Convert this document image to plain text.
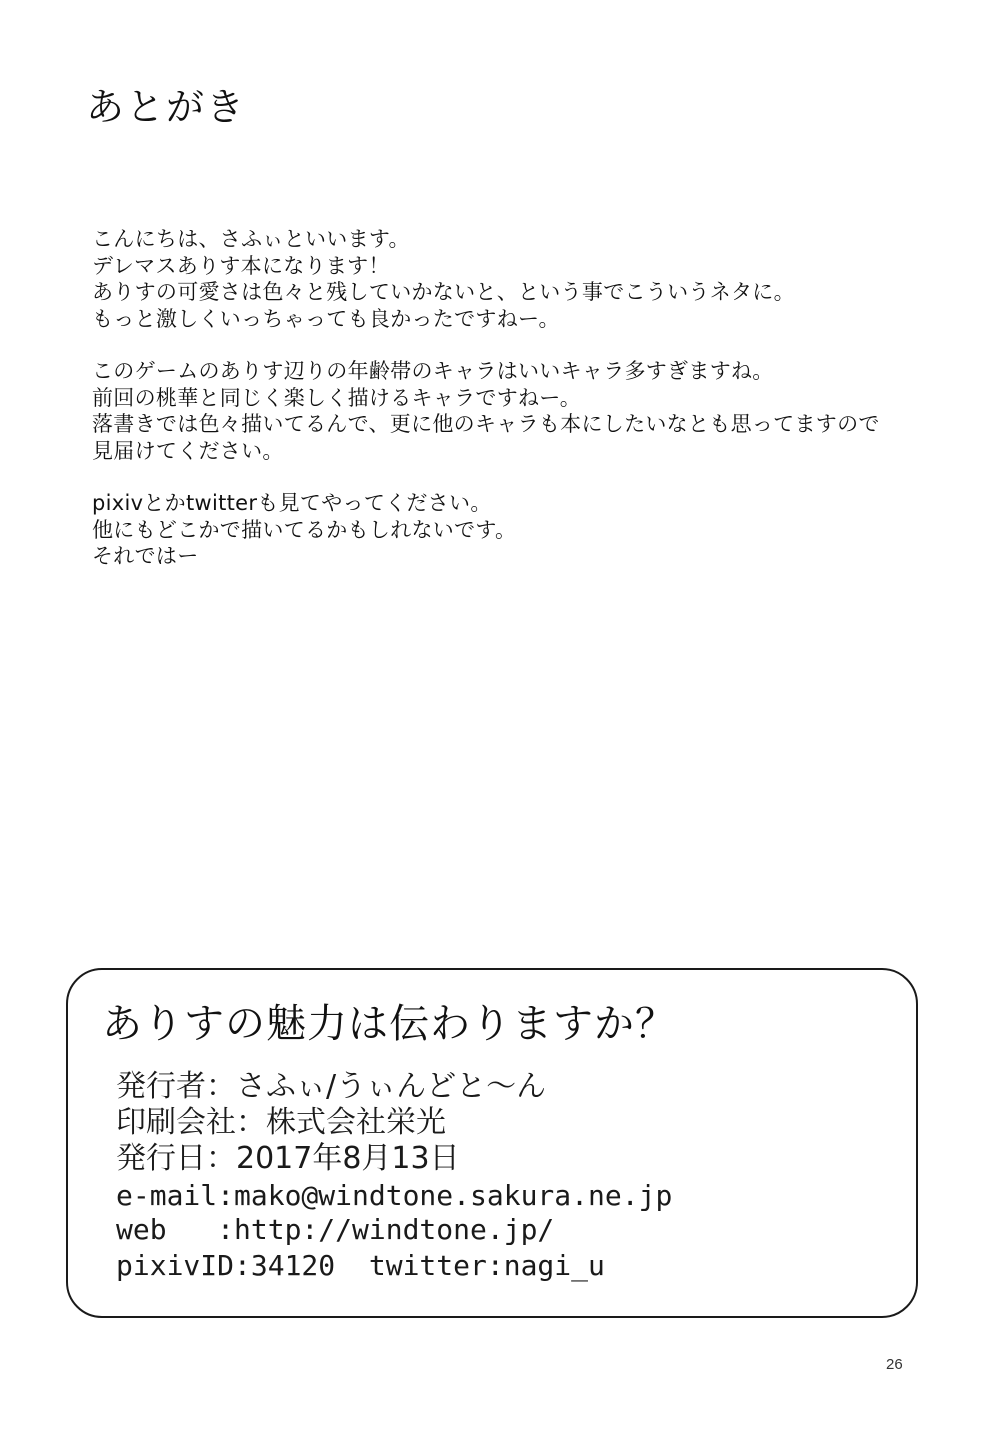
あとがき
こんにちは、さふぃといいます。
デレマスありす本になります！
ありすの可愛さは色々と残していかないと、という事でこういうネタに。
もっと激しくいっちゃっても良かったですねー。
このゲームのありす辺りの年齢帯のキャラはいいキャラ多すぎますね。
前回の桃華と同じく楽しく描けるキャラですねー。
落書きでは色々描いてるんで、更に他のキャラも本にしたいなとも思ってますので
見届けてください。
pixivとかtwitterも見てやってください。
他にもどこかで描いてるかもしれないです。
それではー
ありすの魅力は伝わりますか？
発行者：さふぃ/うぃんどと～ん
印刷会社：株式会社栄光
発行日：2017年8月13日
e-mail:mako@windtone.sakura.ne.jp
web   :http://windtone.jp/
pixivID:34120  twitter:nagi_u
26
